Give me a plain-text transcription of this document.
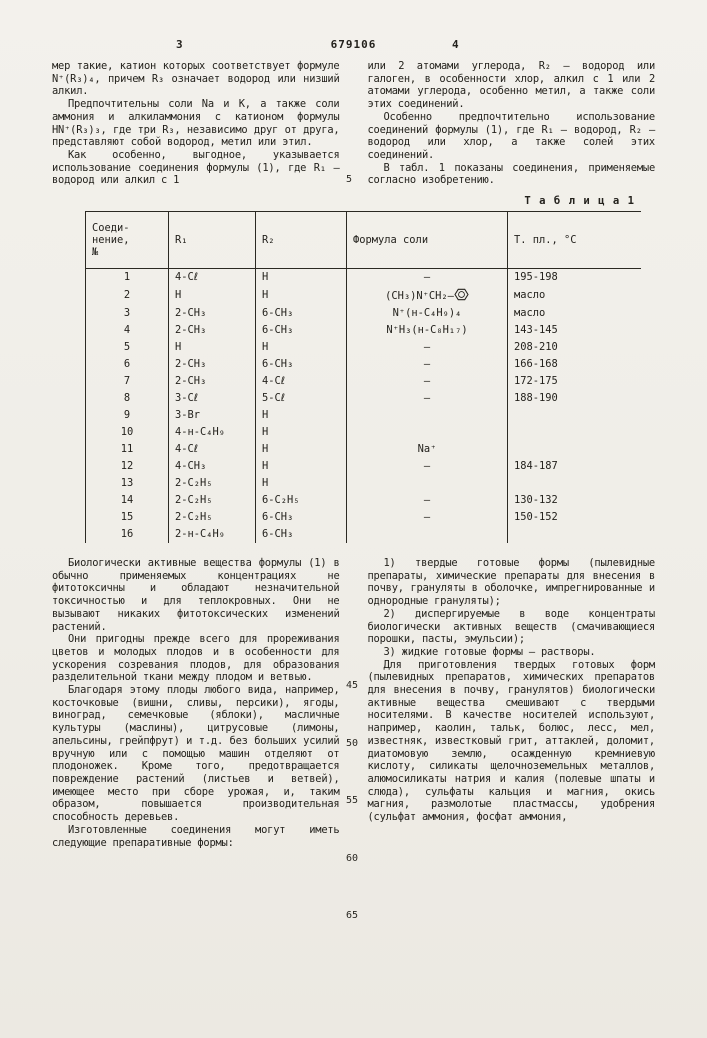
3	679106	4

мер такие, катион которых соответствует формуле N⁺(R₃)₄, причем R₃ означает водород или низший алкил.

Предпочтительны соли Na и K, а также соли аммония и алкиламмония с катионом формулы HN⁺(R₃)₃, где три R₃, независимо друг от друга, представляют собой водород, метил или этил.

Как особенно, выгодное, указывается использование соединения формулы (1), где R₁ — водород или алкил с 1

или 2 атомами углерода, R₂ — водород или галоген, в особенности хлор, алкил с 1 или 2 атомами углерода, особенно метил, а также соли этих соединений.

Особенно предпочтительно использование соединений формулы (1), где R₁ — водород, R₂ — водород или хлор, а также солей этих соединений.

В табл. 1 показаны соединения, применяемые согласно изобретению.

Т а б л и ц а 1
Соеди-
нение,
№	R₁	R₂	Формула соли	Т. пл., °С
1	4-Cℓ	H	—	195-198
2	H	H	(CH₃)N⁺CH₂—	масло
3	2-CH₃	6-CH₃	N⁺(н-C₄H₉)₄	масло
4	2-CH₃	6-CH₃	N⁺H₃(н-C₈H₁₇)	143-145
5	H	H	—	208-210
6	2-CH₃	6-CH₃	—	166-168
7	2-CH₃	4-Cℓ	—	172-175
8	3-Cℓ	5-Cℓ	—	188-190
9	3-Br	H		
10	4-н-C₄H₉	H		
11	4-Cℓ	H	Na⁺	
12	4-CH₃	H	—	184-187
13	2-C₂H₅	H		
14	2-C₂H₅	6-C₂H₅	—	130-132
15	2-C₂H₅	6-CH₃	—	150-152
16	2-н-C₄H₉	6-CH₃		

Биологически активные вещества формулы (1) в обычно применяемых концентрациях не фитотоксичны и обладают незначительной токсичностью и для теплокровных. Они не вызывают никаких фитотоксических изменений растений.

Они пригодны прежде всего для прореживания цветов и молодых плодов и в особенности для ускорения созревания плодов, для образования разделительной ткани между плодом и ветвью.

Благодаря этому плоды любого вида, например, косточковые (вишни, сливы, персики), ягоды, виноград, семечковые (яблоки), масличные культуры (маслины), цитрусовые (лимоны, апельсины, грейпфрут) и т.д. без больших усилий вручную или с помощью машин отделяют от плодоножек. Кроме того, предотвращается повреждение растений (листьев и ветвей), имеющее место при сборе урожая, и, таким образом, повышается производительная способность деревьев.

Изготовленные соединения могут иметь следующие препаративные формы:

1) твердые готовые формы (пылевидные препараты, химические препараты для внесения в почву, грануляты в оболочке, импрегнированные и однородные грануляты);

2) диспергируемые в воде концентраты биологически активных веществ (смачивающиеся порошки, пасты, эмульсии);

3) жидкие готовые формы — растворы.

Для приготовления твердых готовых форм (пылевидных препаратов, химических препаратов для внесения в почву, гранулятов) биологически активные вещества смешивают с твердыми носителями. В качестве носителей используют, например, каолин, тальк, болюс, лесс, мел, известняк, известковый грит, аттаклей, доломит, диатомовую землю, осажденную кремниевую кислоту, силикаты щелочноземельных металлов, алюмосиликаты натрия и калия (полевые шпаты и слюда), сульфаты кальция и магния, окись магния, размолотые пластмассы, удобрения (сульфат аммония, фосфат аммония,

5
45
50
55
60
65
